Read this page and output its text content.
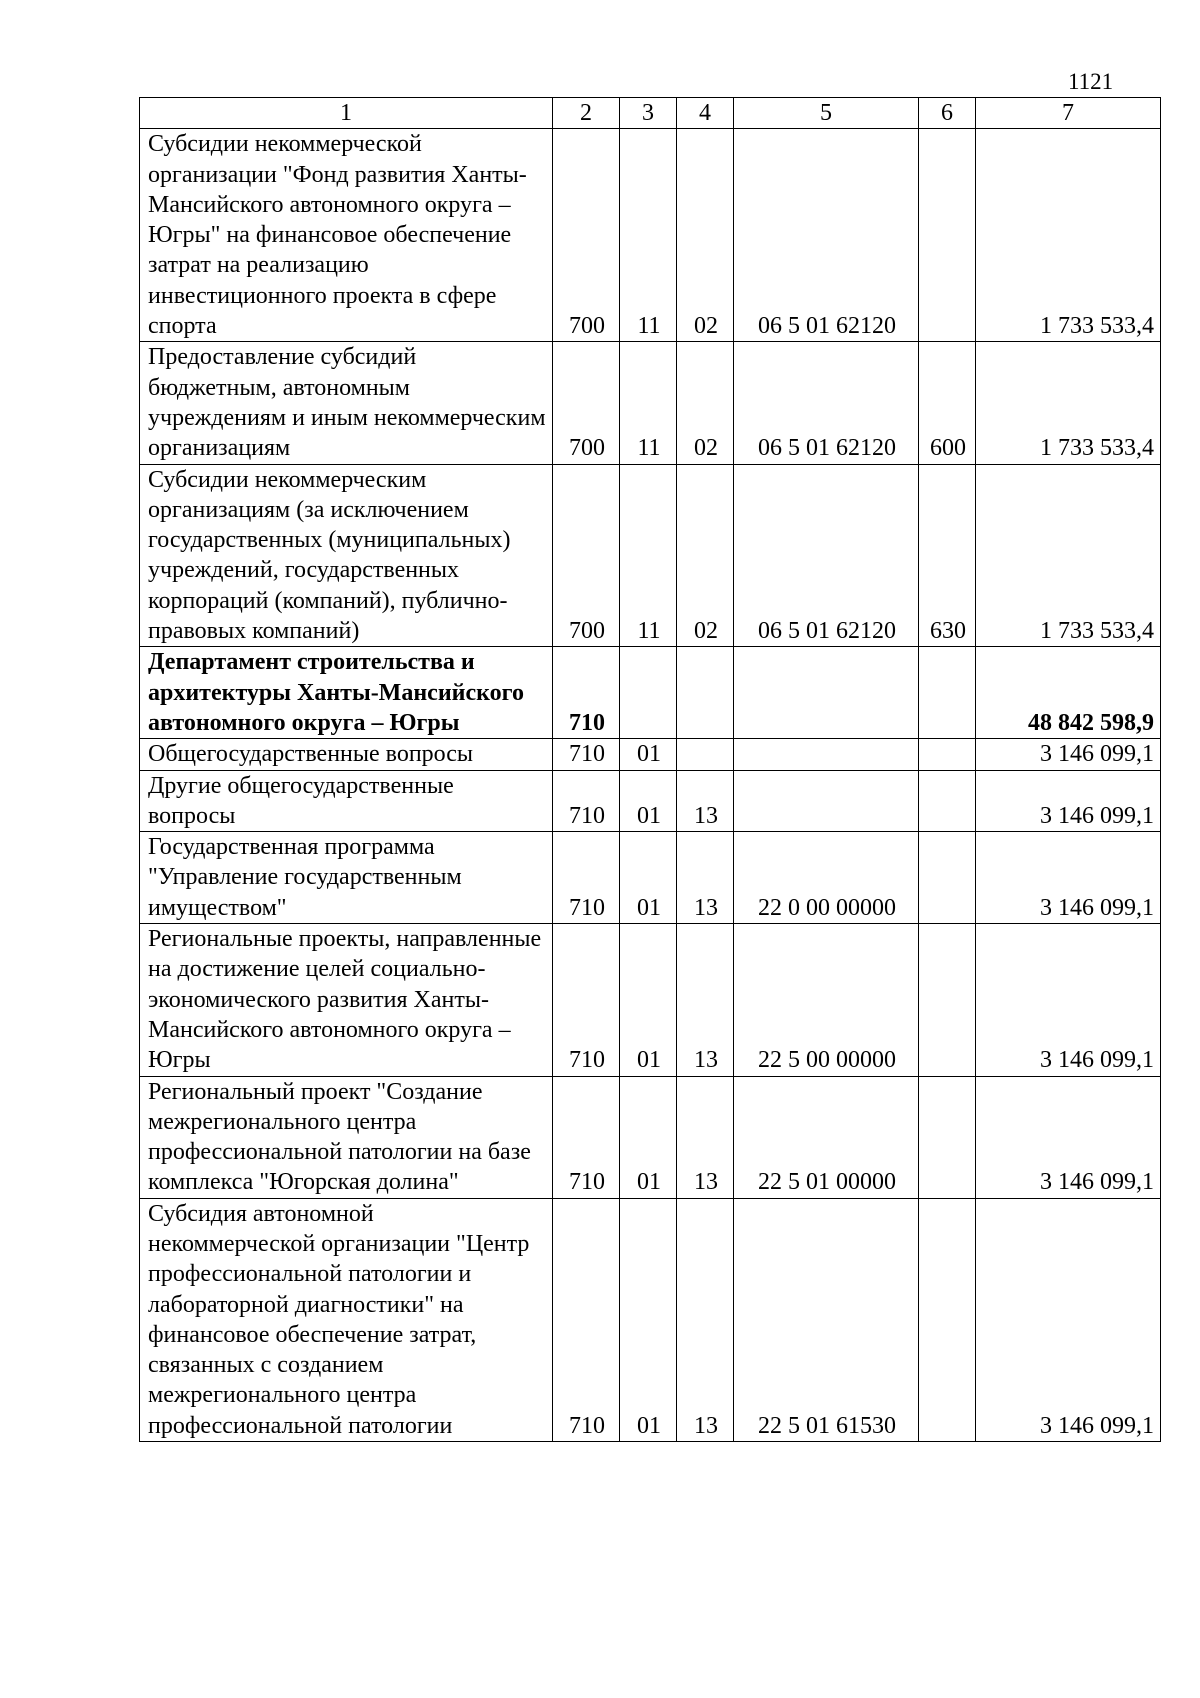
1121
1	2	3	4	5	6	7
Субсидии некоммерческой организации "Фонд развития Ханты-Мансийского автономного округа – Югры" на финансовое обеспечение затрат на реализацию инвестиционного проекта в сфере спорта	700	11	02	06 5 01 62120		1 733 533,4
Предоставление субсидий бюджетным, автономным учреждениям и иным некоммерческим организациям	700	11	02	06 5 01 62120	600	1 733 533,4
Субсидии некоммерческим организациям (за исключением государственных (муниципальных) учреждений, государственных корпораций (компаний), публично-правовых компаний)	700	11	02	06 5 01 62120	630	1 733 533,4
Департамент строительства и архитектуры Ханты-Мансийского автономного округа – Югры	710					48 842 598,9
Общегосударственные вопросы	710	01				3 146 099,1
Другие общегосударственные вопросы	710	01	13			3 146 099,1
Государственная программа "Управление государственным имуществом"	710	01	13	22 0 00 00000		3 146 099,1
Региональные проекты, направленные на достижение целей социально-экономического развития Ханты-Мансийского автономного округа – Югры	710	01	13	22 5 00 00000		3 146 099,1
Региональный проект "Создание межрегионального центра профессиональной патологии на базе комплекса "Югорская долина"	710	01	13	22 5 01 00000		3 146 099,1
Субсидия автономной некоммерческой организации "Центр профессиональной патологии и лабораторной диагностики" на финансовое обеспечение затрат, связанных с созданием межрегионального центра профессиональной патологии	710	01	13	22 5 01 61530		3 146 099,1
